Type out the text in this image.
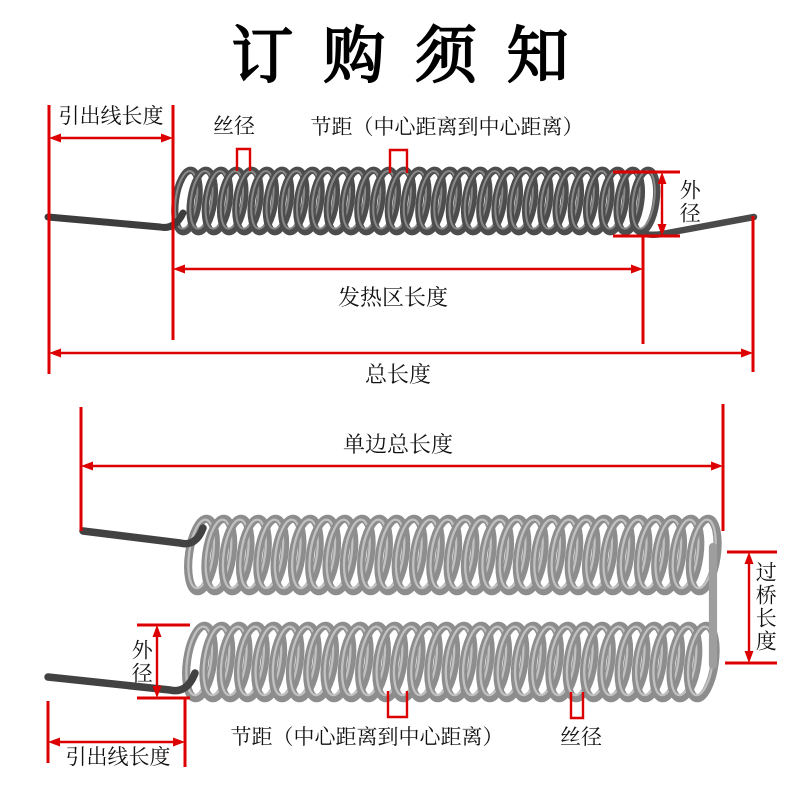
订购须知
引出线长度 丝径	节距（中心距离到中心距离）
外径
发热区长度
总长度
单边总长度
过桥长度
外径
引出线长度
节距（中心距离到中心距离）	丝径
